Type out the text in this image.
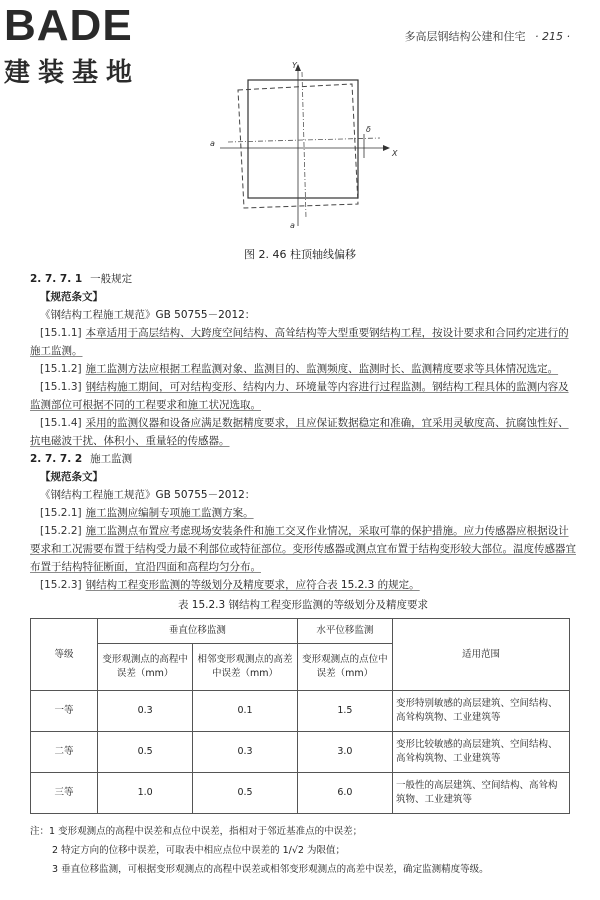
BADE
建装基地
多高层钢结构公建和住宅 · 215 ·
Y
X
a
a
δ
图 2. 46 柱顶轴线偏移
2. 7. 7. 1 一般规定
【规范条文】
《钢结构工程施工规范》GB 50755－2012：
[15.1.1] 本章适用于高层结构、大跨度空间结构、高耸结构等大型重要钢结构工程，按设计要求和合同约定进行的施工监测。
[15.1.2] 施工监测方法应根据工程监测对象、监测目的、监测频度、监测时长、监测精度要求等具体情况选定。
[15.1.3] 钢结构施工期间，可对结构变形、结构内力、环境量等内容进行过程监测。钢结构工程具体的监测内容及监测部位可根据不同的工程要求和施工状况选取。
[15.1.4] 采用的监测仪器和设备应满足数据精度要求，且应保证数据稳定和准确，宜采用灵敏度高、抗腐蚀性好、抗电磁波干扰、体积小、重量轻的传感器。
2. 7. 7. 2 施工监测
【规范条文】
《钢结构工程施工规范》GB 50755－2012：
[15.2.1] 施工监测应编制专项施工监测方案。
[15.2.2] 施工监测点布置应考虑现场安装条件和施工交叉作业情况，采取可靠的保护措施。应力传感器应根据设计要求和工况需要布置于结构受力最不利部位或特征部位。变形传感器或测点宜布置于结构变形较大部位。温度传感器宜布置于结构特征断面，宜沿四面和高程均匀分布。
[15.2.3] 钢结构工程变形监测的等级划分及精度要求，应符合表 15.2.3 的规定。
表 15.2.3 钢结构工程变形监测的等级划分及精度要求
等级	垂直位移监测		水平位移监测	适用范围
	变形观测点的高程中误差（mm）	相邻变形观测点的高差中误差（mm）	变形观测点的点位中误差（mm）	
一等	0.3	0.1	1.5	变形特别敏感的高层建筑、空间结构、高耸构筑物、工业建筑等
二等	0.5	0.3	3.0	变形比较敏感的高层建筑、空间结构、高耸构筑物、工业建筑等
三等	1.0	0.5	6.0	一般性的高层建筑、空间结构、高耸构筑物、工业建筑等
注：1 变形观测点的高程中误差和点位中误差，指相对于邻近基准点的中误差；
2 特定方向的位移中误差，可取表中相应点位中误差的 1/√2 为限值；
3 垂直位移监测，可根据变形观测点的高程中误差或相邻变形观测点的高差中误差，确定监测精度等级。
